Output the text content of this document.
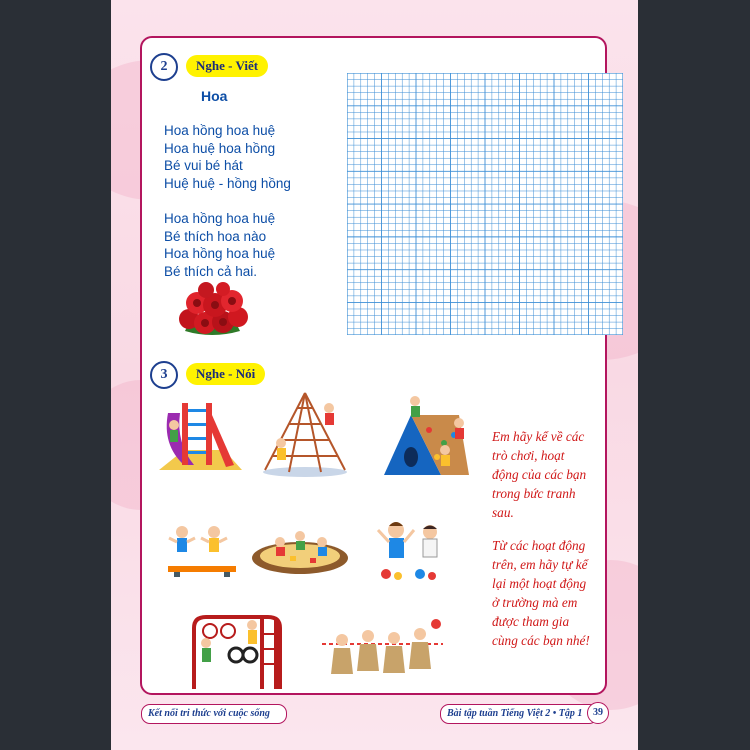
2	Nghe - Viết
Hoa
Hoa hồng hoa huệ
Hoa huệ hoa hồng
Bé vui bé hát
Huệ huệ - hồng hồng
Hoa hồng hoa huệ
Bé thích hoa nào
Hoa hồng hoa huệ
Bé thích cả hai.
3	Nghe - Nói
Em hãy kể về các
trò chơi, hoạt
động của các bạn
trong bức tranh
sau.
Từ các hoạt động
trên, em hãy tự kể
lại một hoạt động
ở trường mà em
được tham gia
cùng các bạn nhé!
Kết nối tri thức với cuộc sống	Bài tập tuần Tiếng Việt 2 • Tập 1	39
